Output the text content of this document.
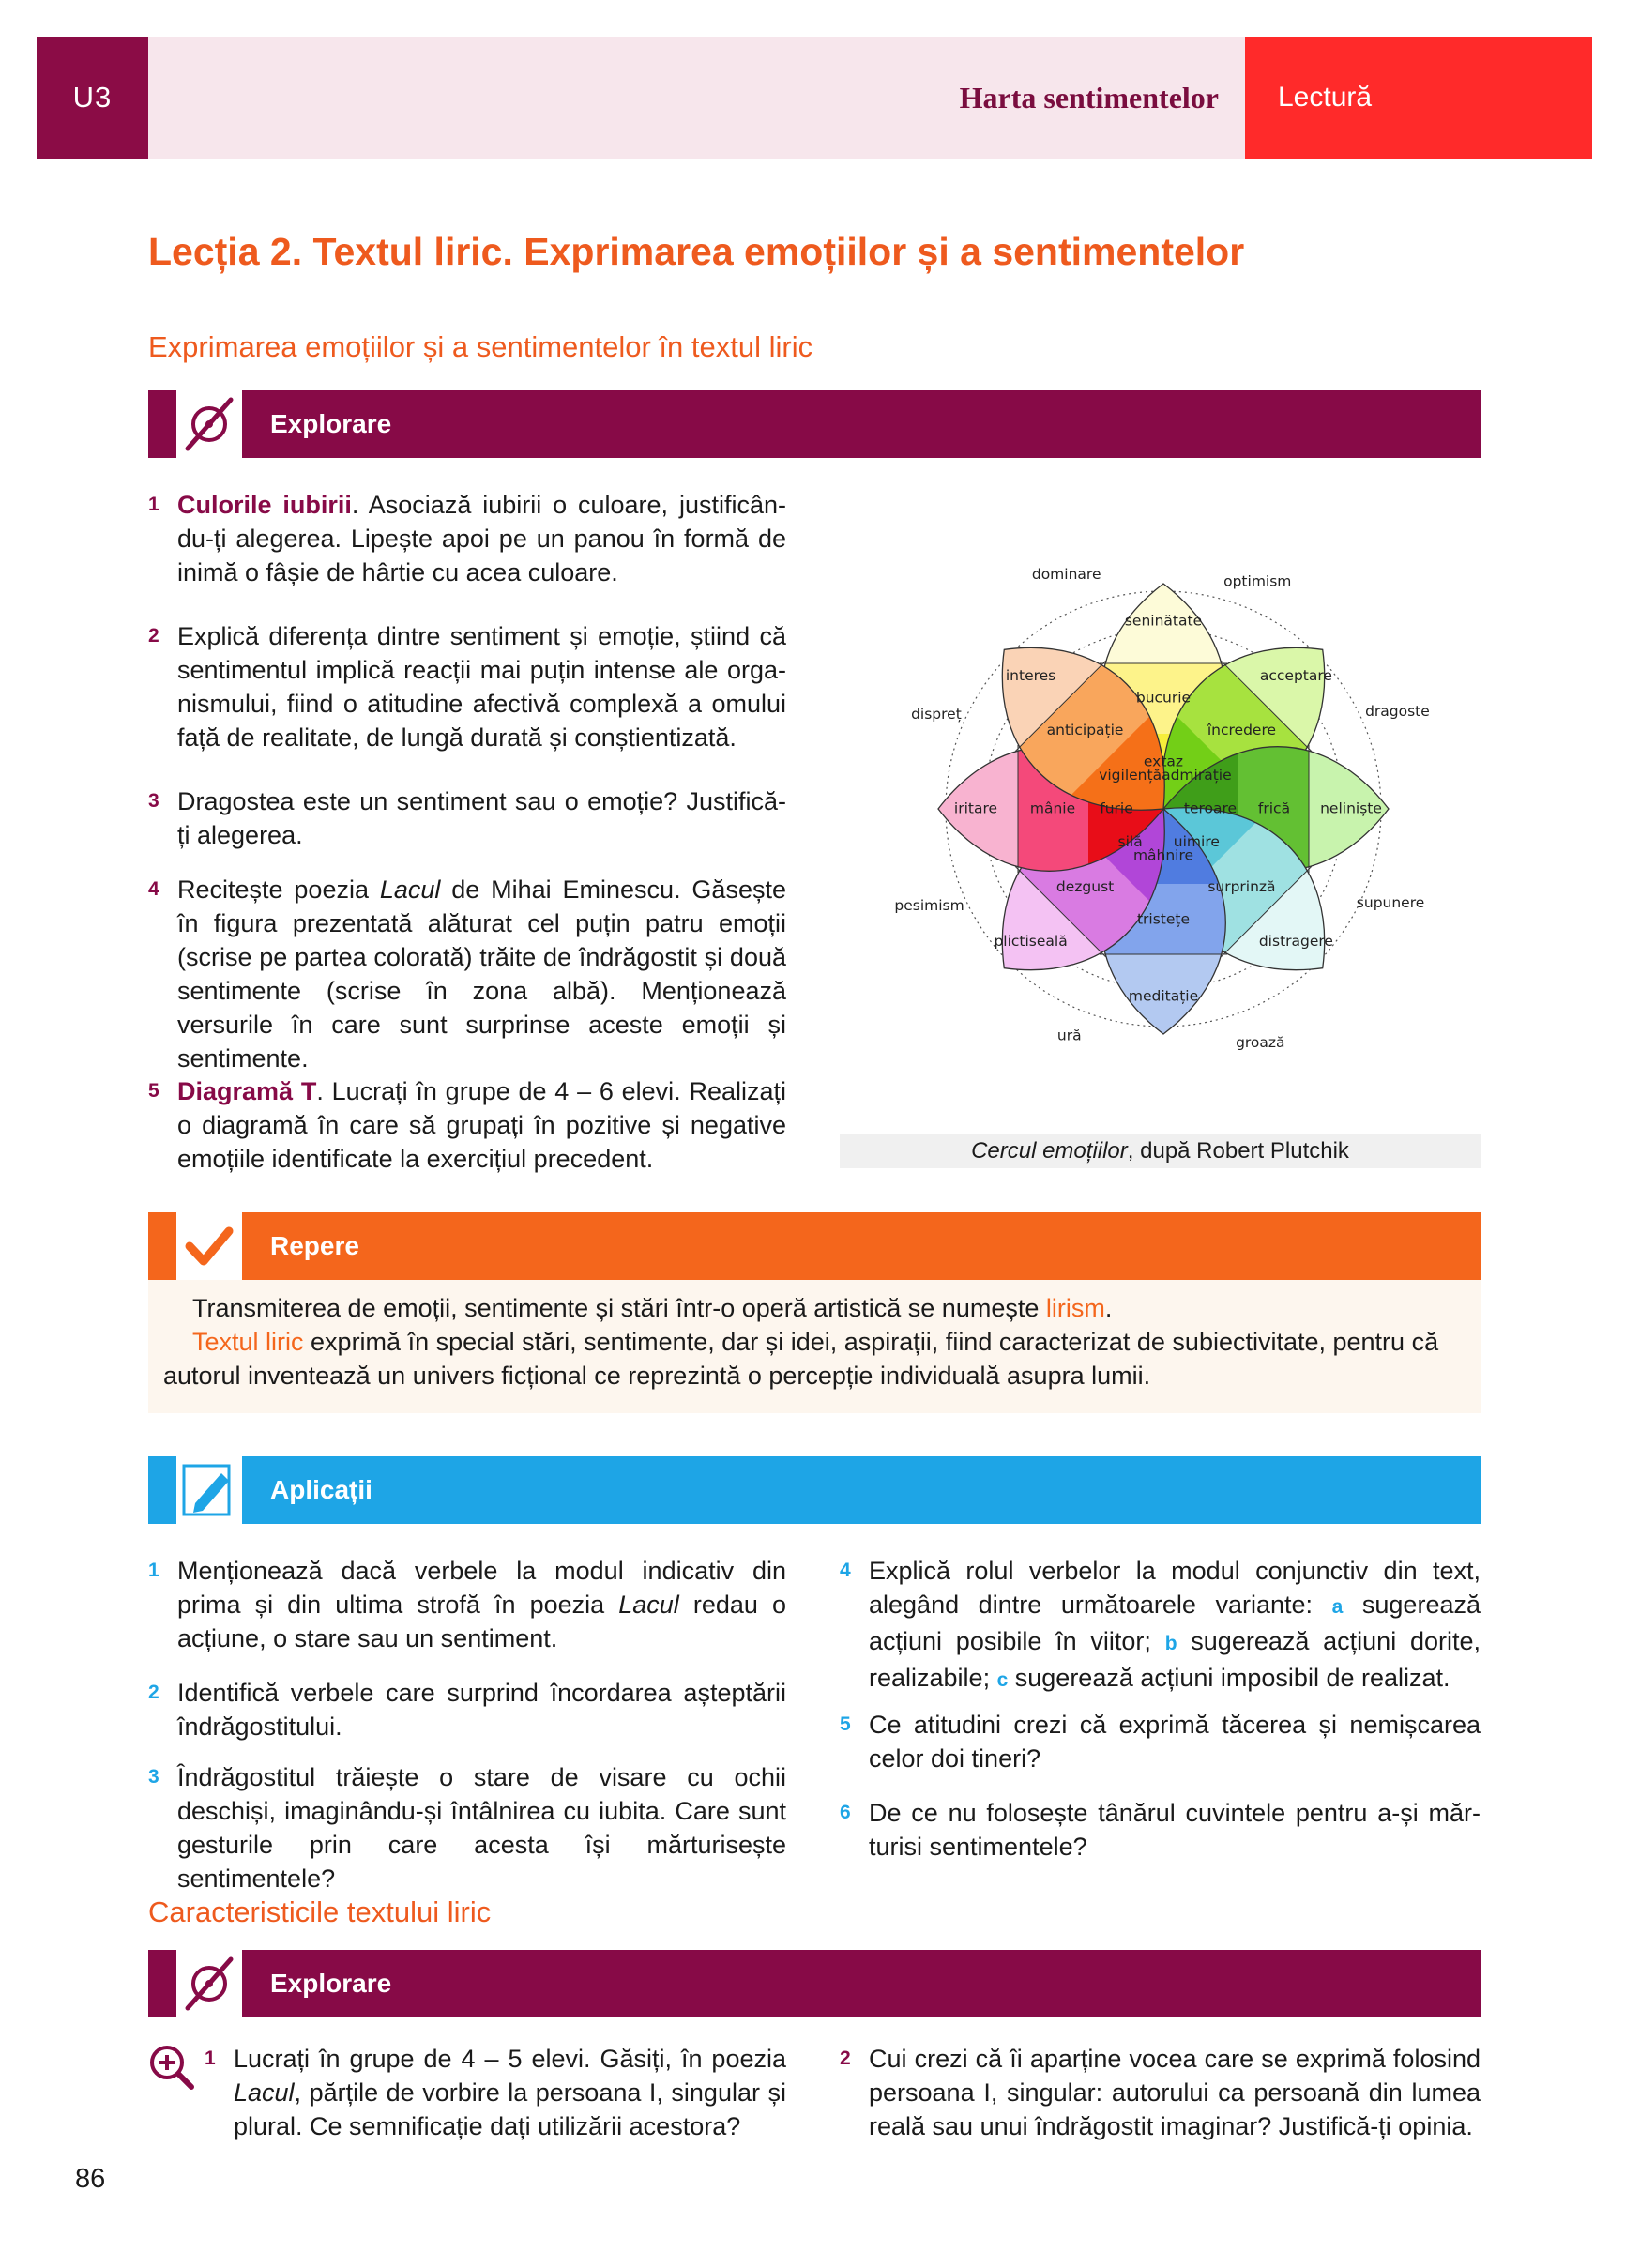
U3	Harta sentimentelor	Lectură
Lecția 2. Textul liric. Exprimarea emoțiilor și a sentimentelor
Exprimarea emoțiilor și a sentimentelor în textul liric
Explorare
1 Culorile iubirii. Asociază iubirii o culoare, justificându-ți alegerea. Lipește apoi pe un panou în formă de inimă o fâșie de hârtie cu acea culoare.
2 Explică diferența dintre sentiment și emoție, știind că sentimentul implică reacții mai puțin intense ale organismului, fiind o atitudine afectivă complexă a omului față de realitate, de lungă durată și conștientizată.
3 Dragostea este un sentiment sau o emoție? Justifică-ți alegerea.
4 Recitește poezia Lacul de Mihai Eminescu. Găsește în figura prezentată alăturat cel puțin patru emoții (scrise pe partea colorată) trăite de îndrăgostit și două sentimente (scrise în zona albă). Menționează versurile în care sunt surprinse aceste emoții și sentimente.
5 Diagramă T. Lucrați în grupe de 4 – 6 elevi. Realizați o diagramă în care să grupați în pozitive și negative emoțiile identificate la exercițiul precedent.
seninătate
bucurie
extaz
acceptare
încredere
admirație
neliniște
frică
teroare
distragere
surprinză
uimire
meditație
tristețe
mâhnire
plictiseală
dezgust
silă
iritare mânie furie
interes
anticipație
vigilență
optimism
dragoste
supunere
groază
ură
pesimism
dispreț
dominare
Cercul emoțiilor, după Robert Plutchik
Repere

Transmiterea de emoții, sentimente și stări într-o operă artistică se numește lirism.

Textul liric exprimă în special stări, sentimente, dar și idei, aspirații, fiind caracterizat de subiectivitate, pentru că autorul inventează un univers ficțional ce reprezintă o percepție individuală asupra lumii.

Aplicații
1 Menționează dacă verbele la modul indicativ din prima și din ultima strofă în poezia Lacul redau o acțiune, o stare sau un sentiment.
2 Identifică verbele care surprind încordarea așteptării îndrăgostitului.
3 Îndrăgostitul trăiește o stare de visare cu ochii deschiși, imaginându-și întâlnirea cu iubita. Care sunt gesturile prin care acesta își mărturisește sentimentele?
4 Explică rolul verbelor la modul conjunctiv din text, alegând dintre următoarele variante: a sugerează acțiuni posibile în viitor; b sugerează acțiuni dorite, realizabile; c sugerează acțiuni imposibil de realizat.
5 Ce atitudini crezi că exprimă tăcerea și nemișcarea celor doi tineri?
6 De ce nu folosește tânărul cuvintele pentru a-și mărturisi sentimentele?
Caracteristicile textului liric
Explorare
1 Lucrați în grupe de 4 – 5 elevi. Găsiți, în poezia Lacul, părțile de vorbire la persoana I, singular și plural. Ce semnificație dați utilizării acestora?
2 Cui crezi că îi aparține vocea care se exprimă folosind persoana I, singular: autorului ca persoană din lumea reală sau unui îndrăgostit imaginar? Justifică-ți opinia.
86
